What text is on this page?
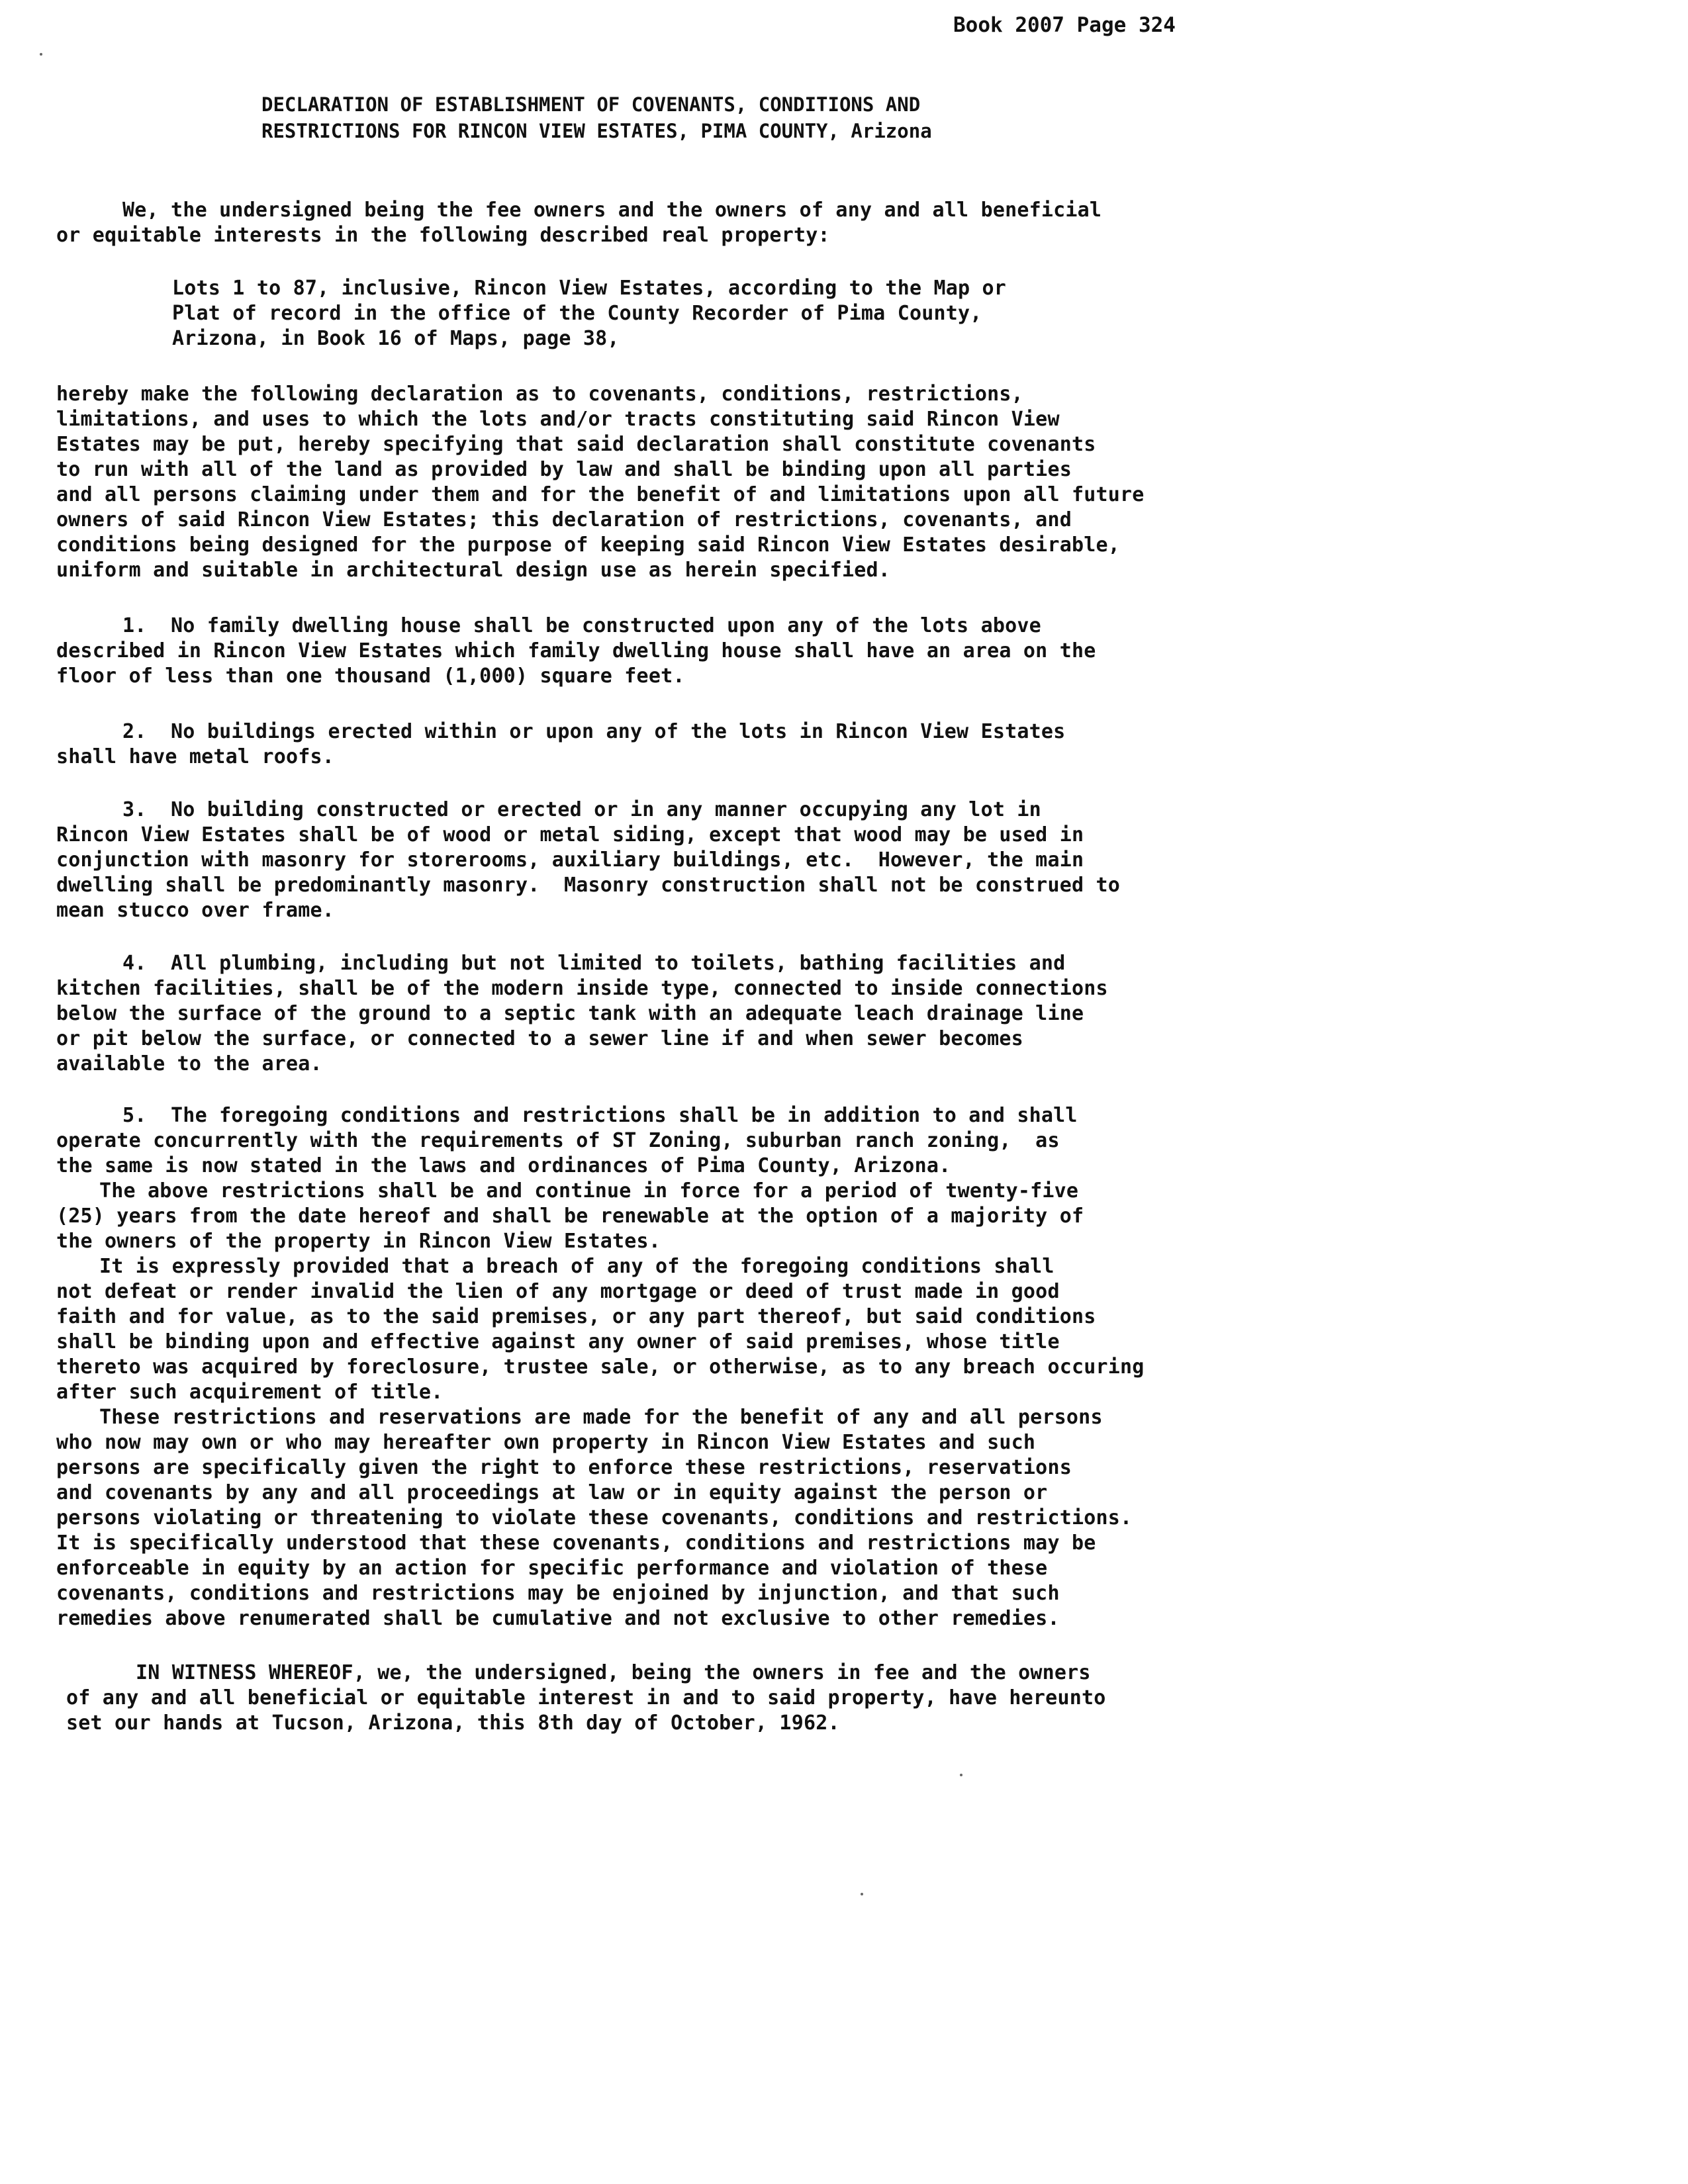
Book 2007 Page 324
DECLARATION OF ESTABLISHMENT OF COVENANTS, CONDITIONS AND
RESTRICTIONS FOR RINCON VIEW ESTATES, PIMA COUNTY, Arizona
We, the undersigned being the fee owners and the owners of any and all beneficial
or equitable interests in the following described real property:
Lots 1 to 87, inclusive, Rincon View Estates, according to the Map or
Plat of record in the office of the County Recorder of Pima County,
Arizona, in Book 16 of Maps, page 38,
hereby make the following declaration as to covenants, conditions, restrictions,
limitations, and uses to which the lots and/or tracts constituting said Rincon View
Estates may be put, hereby specifying that said declaration shall constitute covenants
to run with all of the land as provided by law and shall be binding upon all parties
and all persons claiming under them and for the benefit of and limitations upon all future
owners of said Rincon View Estates; this declaration of restrictions, covenants, and
conditions being designed for the purpose of keeping said Rincon View Estates desirable,
uniform and suitable in architectural design use as herein specified.
1.  No family dwelling house shall be constructed upon any of the lots above
described in Rincon View Estates which family dwelling house shall have an area on the
floor of less than one thousand (1,000) square feet.
2.  No buildings erected within or upon any of the lots in Rincon View Estates
shall have metal roofs.
3.  No building constructed or erected or in any manner occupying any lot in
Rincon View Estates shall be of wood or metal siding, except that wood may be used in
conjunction with masonry for storerooms, auxiliary buildings, etc.  However, the main
dwelling shall be predominantly masonry.  Masonry construction shall not be construed to
mean stucco over frame.
4.  All plumbing, including but not limited to toilets, bathing facilities and
kitchen facilities, shall be of the modern inside type, connected to inside connections
below the surface of the ground to a septic tank with an adequate leach drainage line
or pit below the surface, or connected to a sewer line if and when sewer becomes
available to the area.
5.  The foregoing conditions and restrictions shall be in addition to and shall
operate concurrently with the requirements of ST Zoning, suburban ranch zoning,  as
the same is now stated in the laws and ordinances of Pima County, Arizona.
The above restrictions shall be and continue in force for a period of twenty-five
(25) years from the date hereof and shall be renewable at the option of a majority of
the owners of the property in Rincon View Estates.
It is expressly provided that a breach of any of the foregoing conditions shall
not defeat or render invalid the lien of any mortgage or deed of trust made in good
faith and for value, as to the said premises, or any part thereof, but said conditions
shall be binding upon and effective against any owner of said premises, whose title
thereto was acquired by foreclosure, trustee sale, or otherwise, as to any breach occuring
after such acquirement of title.
These restrictions and reservations are made for the benefit of any and all persons
who now may own or who may hereafter own property in Rincon View Estates and such
persons are specifically given the right to enforce these restrictions, reservations
and covenants by any and all proceedings at law or in equity against the person or
persons violating or threatening to violate these covenants, conditions and restrictions.
It is specifically understood that these covenants, conditions and restrictions may be
enforceable in equity by an action for specific performance and violation of these
covenants, conditions and restrictions may be enjoined by injunction, and that such
remedies above renumerated shall be cumulative and not exclusive to other remedies.
IN WITNESS WHEREOF, we, the undersigned, being the owners in fee and the owners
of any and all beneficial or equitable interest in and to said property, have hereunto
set our hands at Tucson, Arizona, this 8th day of October, 1962.
